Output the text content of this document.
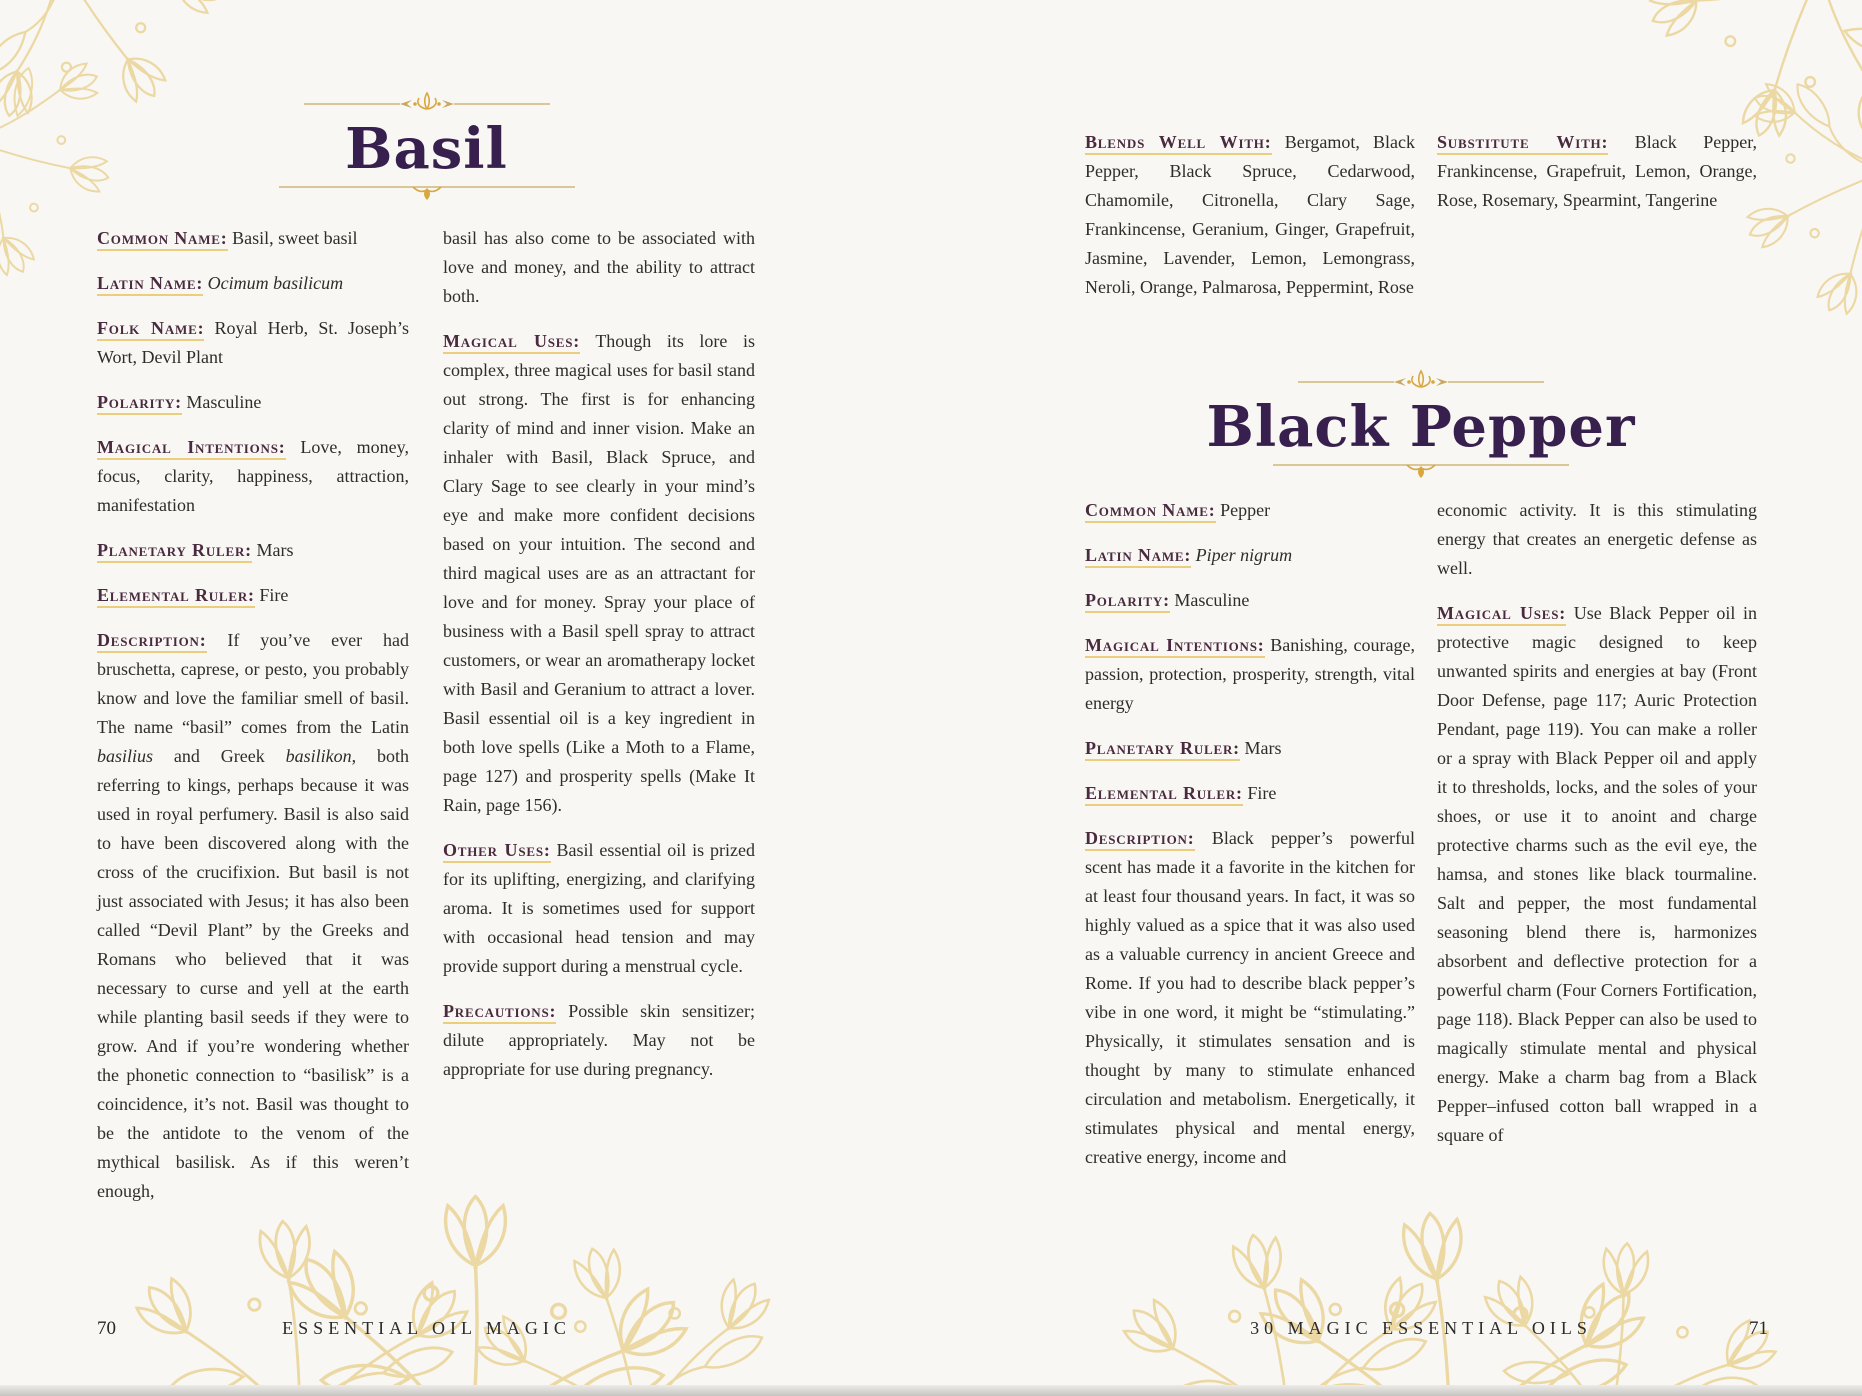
Basil

Common Name: Basil, sweet basil

Latin Name: Ocimum basilicum

Folk Name: Royal Herb, St. Joseph’s Wort, Devil Plant

Polarity: Masculine

Magical Intentions: Love, money, focus, clarity, happiness, attraction, manifestation

Planetary Ruler: Mars

Elemental Ruler: Fire

Description: If you’ve ever had bruschetta, caprese, or pesto, you probably know and love the familiar smell of basil. The name “basil” comes from the Latin basilius and Greek basilikon, both referring to kings, perhaps because it was used in royal perfumery. Basil is also said to have been discovered along with the cross of the crucifixion. But basil is not just associated with Jesus; it has also been called “Devil Plant” by the Greeks and Romans who believed that it was necessary to curse and yell at the earth while planting basil seeds if they were to grow. And if you’re wondering whether the phonetic connection to “basilisk” is a coincidence, it’s not. Basil was thought to be the antidote to the venom of the mythical basilisk. As if this weren’t enough,

basil has also come to be associated with love and money, and the ability to attract both.

Magical Uses: Though its lore is complex, three magical uses for basil stand out strong. The first is for enhancing clarity of mind and inner vision. Make an inhaler with Basil, Black Spruce, and Clary Sage to see clearly in your mind’s eye and make more confident decisions based on your intuition. The second and third magical uses are as an attractant for love and for money. Spray your place of business with a Basil spell spray to attract customers, or wear an aromatherapy locket with Basil and Geranium to attract a lover. Basil essential oil is a key ingredient in both love spells (Like a Moth to a Flame, page 127) and prosperity spells (Make It Rain, page 156).

Other Uses: Basil essential oil is prized for its uplifting, energizing, and clarifying aroma. It is sometimes used for support with occasional head tension and may provide support during a menstrual cycle.

Precautions: Possible skin sensitizer; dilute appropriately. May not be appropriate for use during pregnancy.

70	ESSENTIAL OIL MAGIC

Blends Well With: Bergamot, Black Pepper, Black Spruce, Cedarwood, Chamomile, Citronella, Clary Sage, Frankincense, Geranium, Ginger, Grapefruit, Jasmine, Lavender, Lemon, Lemongrass, Neroli, Orange, Palmarosa, Peppermint, Rose

Substitute With: Black Pepper, Frankincense, Grapefruit, Lemon, Orange, Rose, Rosemary, Spearmint, Tangerine

Black Pepper

Common Name: Pepper

Latin Name: Piper nigrum

Polarity: Masculine

Magical Intentions: Banishing, courage, passion, protection, prosperity, strength, vital energy

Planetary Ruler: Mars

Elemental Ruler: Fire

Description: Black pepper’s powerful scent has made it a favorite in the kitchen for at least four thousand years. In fact, it was so highly valued as a spice that it was also used as a valuable currency in ancient Greece and Rome. If you had to describe black pepper’s vibe in one word, it might be “stimulating.” Physically, it stimulates sensation and is thought by many to stimulate enhanced circulation and metabolism. Energetically, it stimulates physical and mental energy, creative energy, income and

economic activity. It is this stimulating energy that creates an energetic defense as well.

Magical Uses: Use Black Pepper oil in protective magic designed to keep unwanted spirits and energies at bay (Front Door Defense, page 117; Auric Protection Pendant, page 119). You can make a roller or a spray with Black Pepper oil and apply it to thresholds, locks, and the soles of your shoes, or use it to anoint and charge protective charms such as the evil eye, the hamsa, and stones like black tourmaline. Salt and pepper, the most fundamental seasoning blend there is, harmonizes absorbent and deflective protection for a powerful charm (Four Corners Fortification, page 118). Black Pepper can also be used to magically stimulate mental and physical energy. Make a charm bag from a Black Pepper–infused cotton ball wrapped in a square of

30 MAGIC ESSENTIAL OILS	71
